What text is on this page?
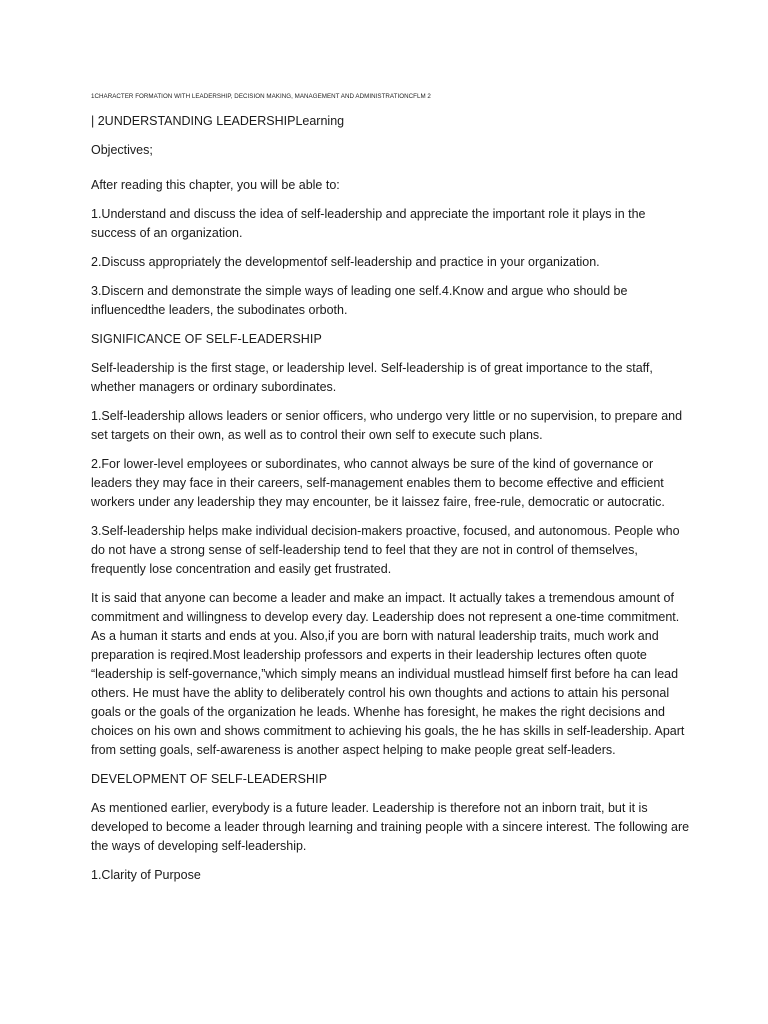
1CHARACTER FORMATION WITH LEADERSHIP, DECISION MAKING, MANAGEMENT AND ADMINISTRATIONCFLM 2

| 2UNDERSTANDING LEADERSHIPLearning

Objectives;

After reading this chapter, you will be able to:

1.Understand and discuss the idea of self-leadership and appreciate the important role it plays in the success of an organization.

2.Discuss appropriately the developmentof self-leadership and practice in your organization.

3.Discern and demonstrate the simple ways of leading one self.4.Know and argue who should be influencedthe leaders, the subodinates orboth.

SIGNIFICANCE OF SELF-LEADERSHIP

Self-leadership is the first stage, or leadership level. Self-leadership is of great importance to the staff, whether managers or ordinary subordinates.

1.Self-leadership allows leaders or senior officers, who undergo very little or no supervision, to prepare and set targets on their own, as well as to control their own self to execute such plans.

2.For lower-level employees or subordinates, who cannot always be sure of the kind of governance or leaders they may face in their careers, self-management enables them to become effective and efficient workers under any leadership they may encounter, be it laissez faire, free-rule, democratic or autocratic.

3.Self-leadership helps make individual decision-makers proactive, focused, and autonomous. People who do not have a strong sense of self-leadership tend to feel that they are not in control of themselves, frequently lose concentration and easily get frustrated.

It is said that anyone can become a leader and make an impact. It actually takes a tremendous amount of commitment and willingness to develop every day. Leadership does not represent a one-time commitment. As a human it starts and ends at you. Also,if you are born with natural leadership traits, much work and preparation is reqired.Most leadership professors and experts in their leadership lectures often quote “leadership is self-governance,”which simply means an individual mustlead himself first before ha can lead others. He must have the ablity to deliberately control his own thoughts and actions to attain his personal goals or the goals of the organization he leads. Whenhe has foresight, he makes the right decisions and choices on his own and shows commitment to achieving his goals, the he has skills in self-leadership. Apart from setting goals, self-awareness is another aspect helping to make people great self-leaders.

DEVELOPMENT OF SELF-LEADERSHIP

As mentioned earlier, everybody is a future leader. Leadership is therefore not an inborn trait, but it is developed to become a leader through learning and training people with a sincere interest. The following are the ways of developing self-leadership.

1.Clarity of Purpose
